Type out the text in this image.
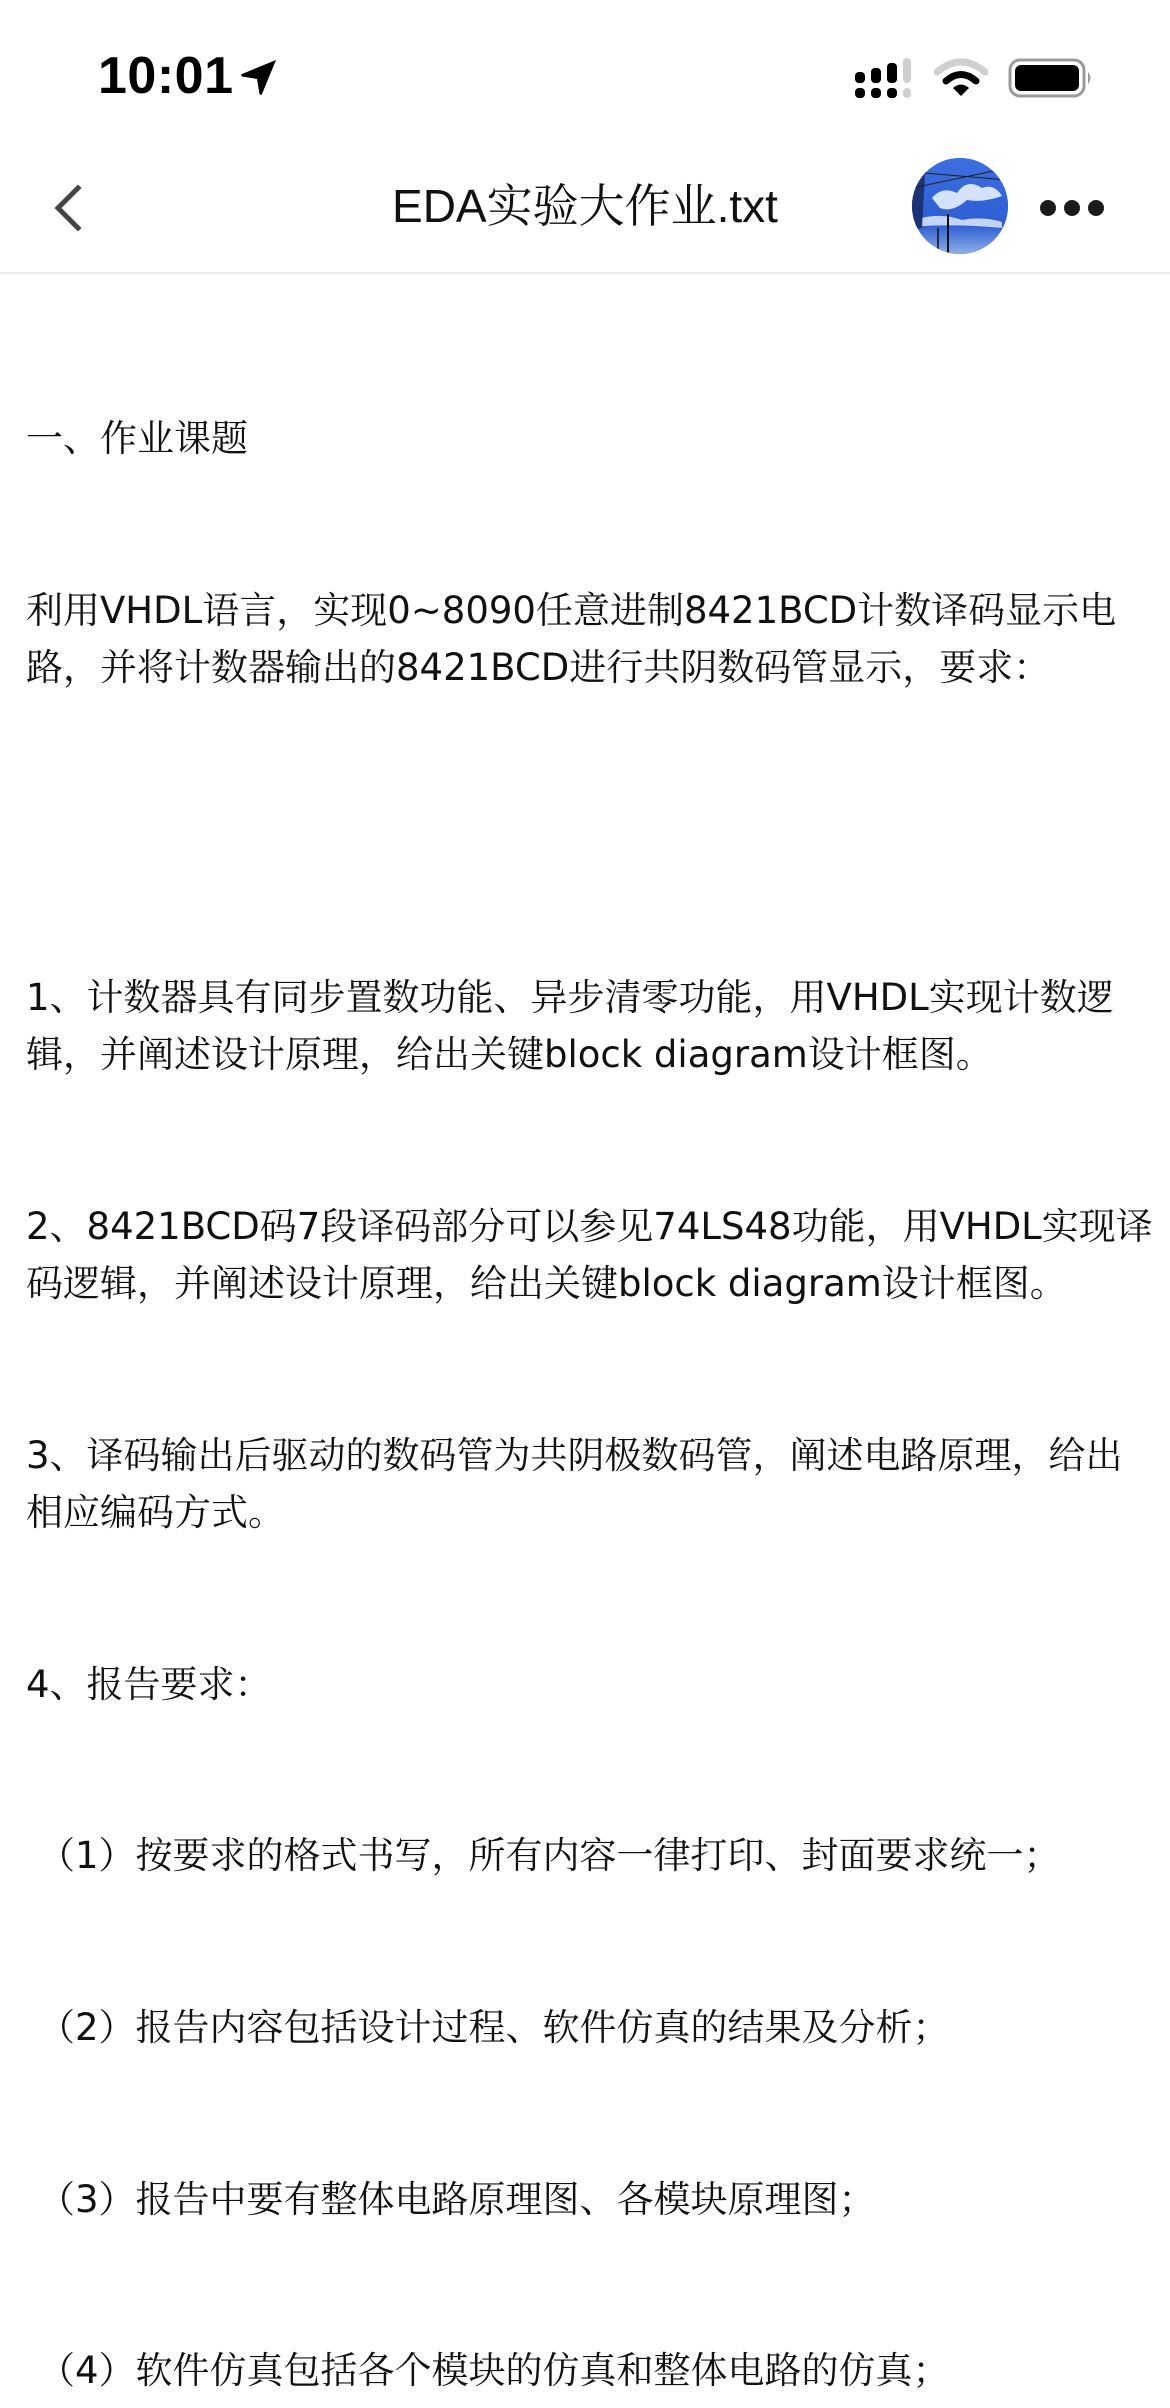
10:01
EDA实验大作业.txt

一、作业课题

利用VHDL语言，实现0~8090任意进制8421BCD计数译码显示电路，并将计数器输出的8421BCD进行共阴数码管显示，要求：

1、计数器具有同步置数功能、异步清零功能，用VHDL实现计数逻辑，并阐述设计原理，给出关键block diagram设计框图。

2、8421BCD码7段译码部分可以参见74LS48功能，用VHDL实现译码逻辑，并阐述设计原理，给出关键block diagram设计框图。

3、译码输出后驱动的数码管为共阴极数码管，阐述电路原理，给出相应编码方式。

4、报告要求：

（1）按要求的格式书写，所有内容一律打印、封面要求统一；

（2）报告内容包括设计过程、软件仿真的结果及分析；

（3）报告中要有整体电路原理图、各模块原理图；

（4）软件仿真包括各个模块的仿真和整体电路的仿真；
